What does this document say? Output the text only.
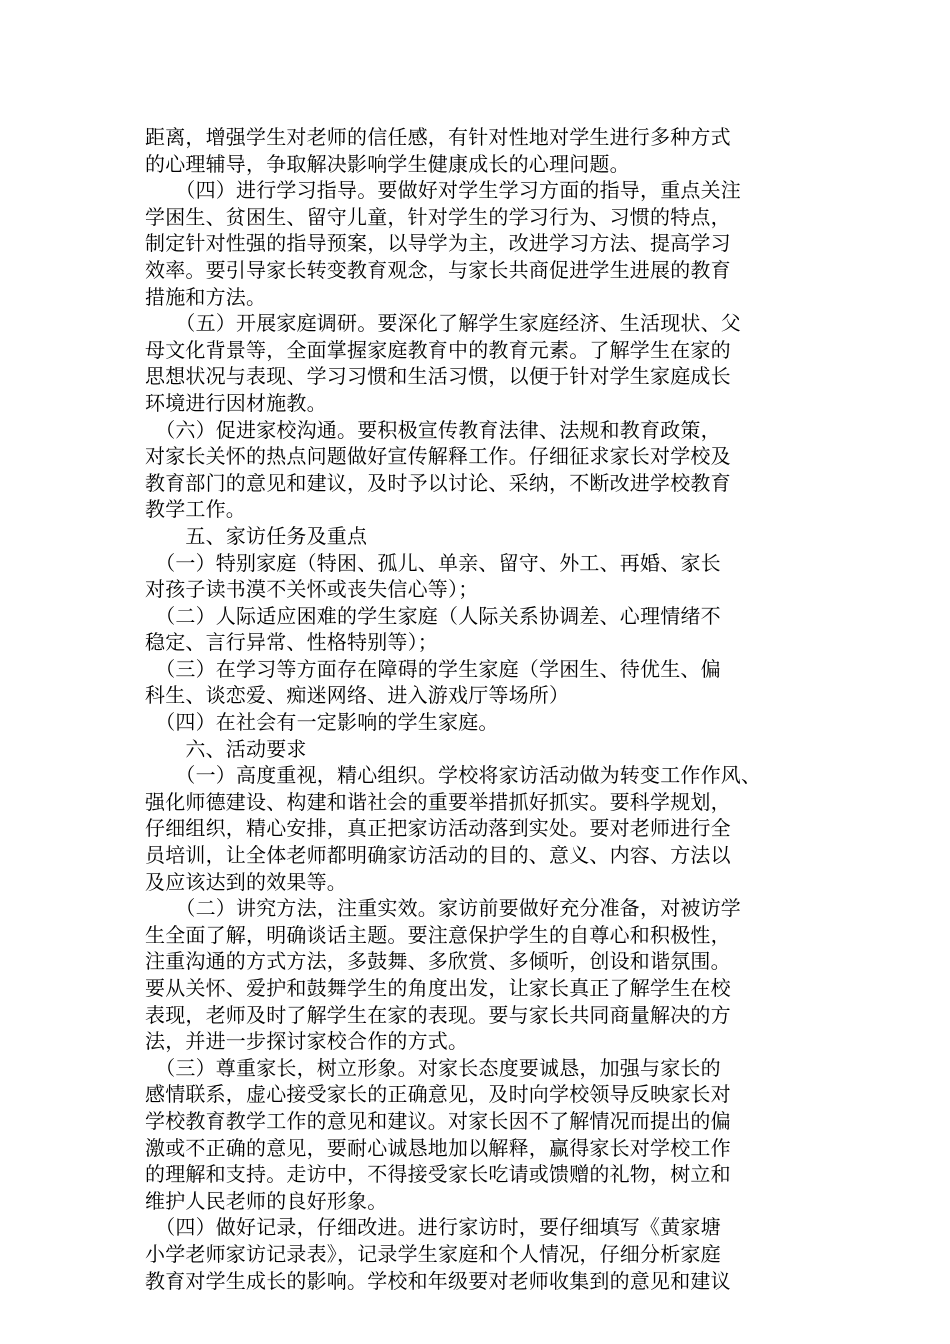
距离，增强学生对老师的信任感，有针对性地对学生进行多种方式
的心理辅导，争取解决影响学生健康成长的心理问题。
　　（四）进行学习指导。要做好对学生学习方面的指导，重点关注
学困生、贫困生、留守儿童，针对学生的学习行为、习惯的特点，
制定针对性强的指导预案，以导学为主，改进学习方法、提高学习
效率。要引导家长转变教育观念，与家长共商促进学生进展的教育
措施和方法。
　　（五）开展家庭调研。要深化了解学生家庭经济、生活现状、父
母文化背景等，全面掌握家庭教育中的教育元素。了解学生在家的
思想状况与表现、学习习惯和生活习惯，以便于针对学生家庭成长
环境进行因材施教。
　（六）促进家校沟通。要积极宣传教育法律、法规和教育政策，
对家长关怀的热点问题做好宣传解释工作。仔细征求家长对学校及
教育部门的意见和建议，及时予以讨论、采纳，不断改进学校教育
教学工作。
　　五、家访任务及重点
　（一）特别家庭（特困、孤儿、单亲、留守、外工、再婚、家长
对孩子读书漠不关怀或丧失信心等）；
　（二）人际适应困难的学生家庭（人际关系协调差、心理情绪不
稳定、言行异常、性格特别等）；
　（三）在学习等方面存在障碍的学生家庭（学困生、待优生、偏
科生、谈恋爱、痴迷网络、进入游戏厅等场所）
　（四）在社会有一定影响的学生家庭。
　　六、活动要求
　　（一）高度重视，精心组织。学校将家访活动做为转变工作作风、
强化师德建设、构建和谐社会的重要举措抓好抓实。要科学规划，
仔细组织，精心安排，真正把家访活动落到实处。要对老师进行全
员培训，让全体老师都明确家访活动的目的、意义、内容、方法以
及应该达到的效果等。
　　（二）讲究方法，注重实效。家访前要做好充分准备，对被访学
生全面了解，明确谈话主题。要注意保护学生的自尊心和积极性，
注重沟通的方式方法，多鼓舞、多欣赏、多倾听，创设和谐氛围。
要从关怀、爱护和鼓舞学生的角度出发，让家长真正了解学生在校
表现，老师及时了解学生在家的表现。要与家长共同商量解决的方
法，并进一步探讨家校合作的方式。
　（三）尊重家长，树立形象。对家长态度要诚恳，加强与家长的
感情联系，虚心接受家长的正确意见，及时向学校领导反映家长对
学校教育教学工作的意见和建议。对家长因不了解情况而提出的偏
激或不正确的意见，要耐心诚恳地加以解释，赢得家长对学校工作
的理解和支持。走访中，不得接受家长吃请或馈赠的礼物，树立和
维护人民老师的良好形象。
　（四）做好记录，仔细改进。进行家访时，要仔细填写《黄家塘
小学老师家访记录表》，记录学生家庭和个人情况，仔细分析家庭
教育对学生成长的影响。学校和年级要对老师收集到的意见和建议
